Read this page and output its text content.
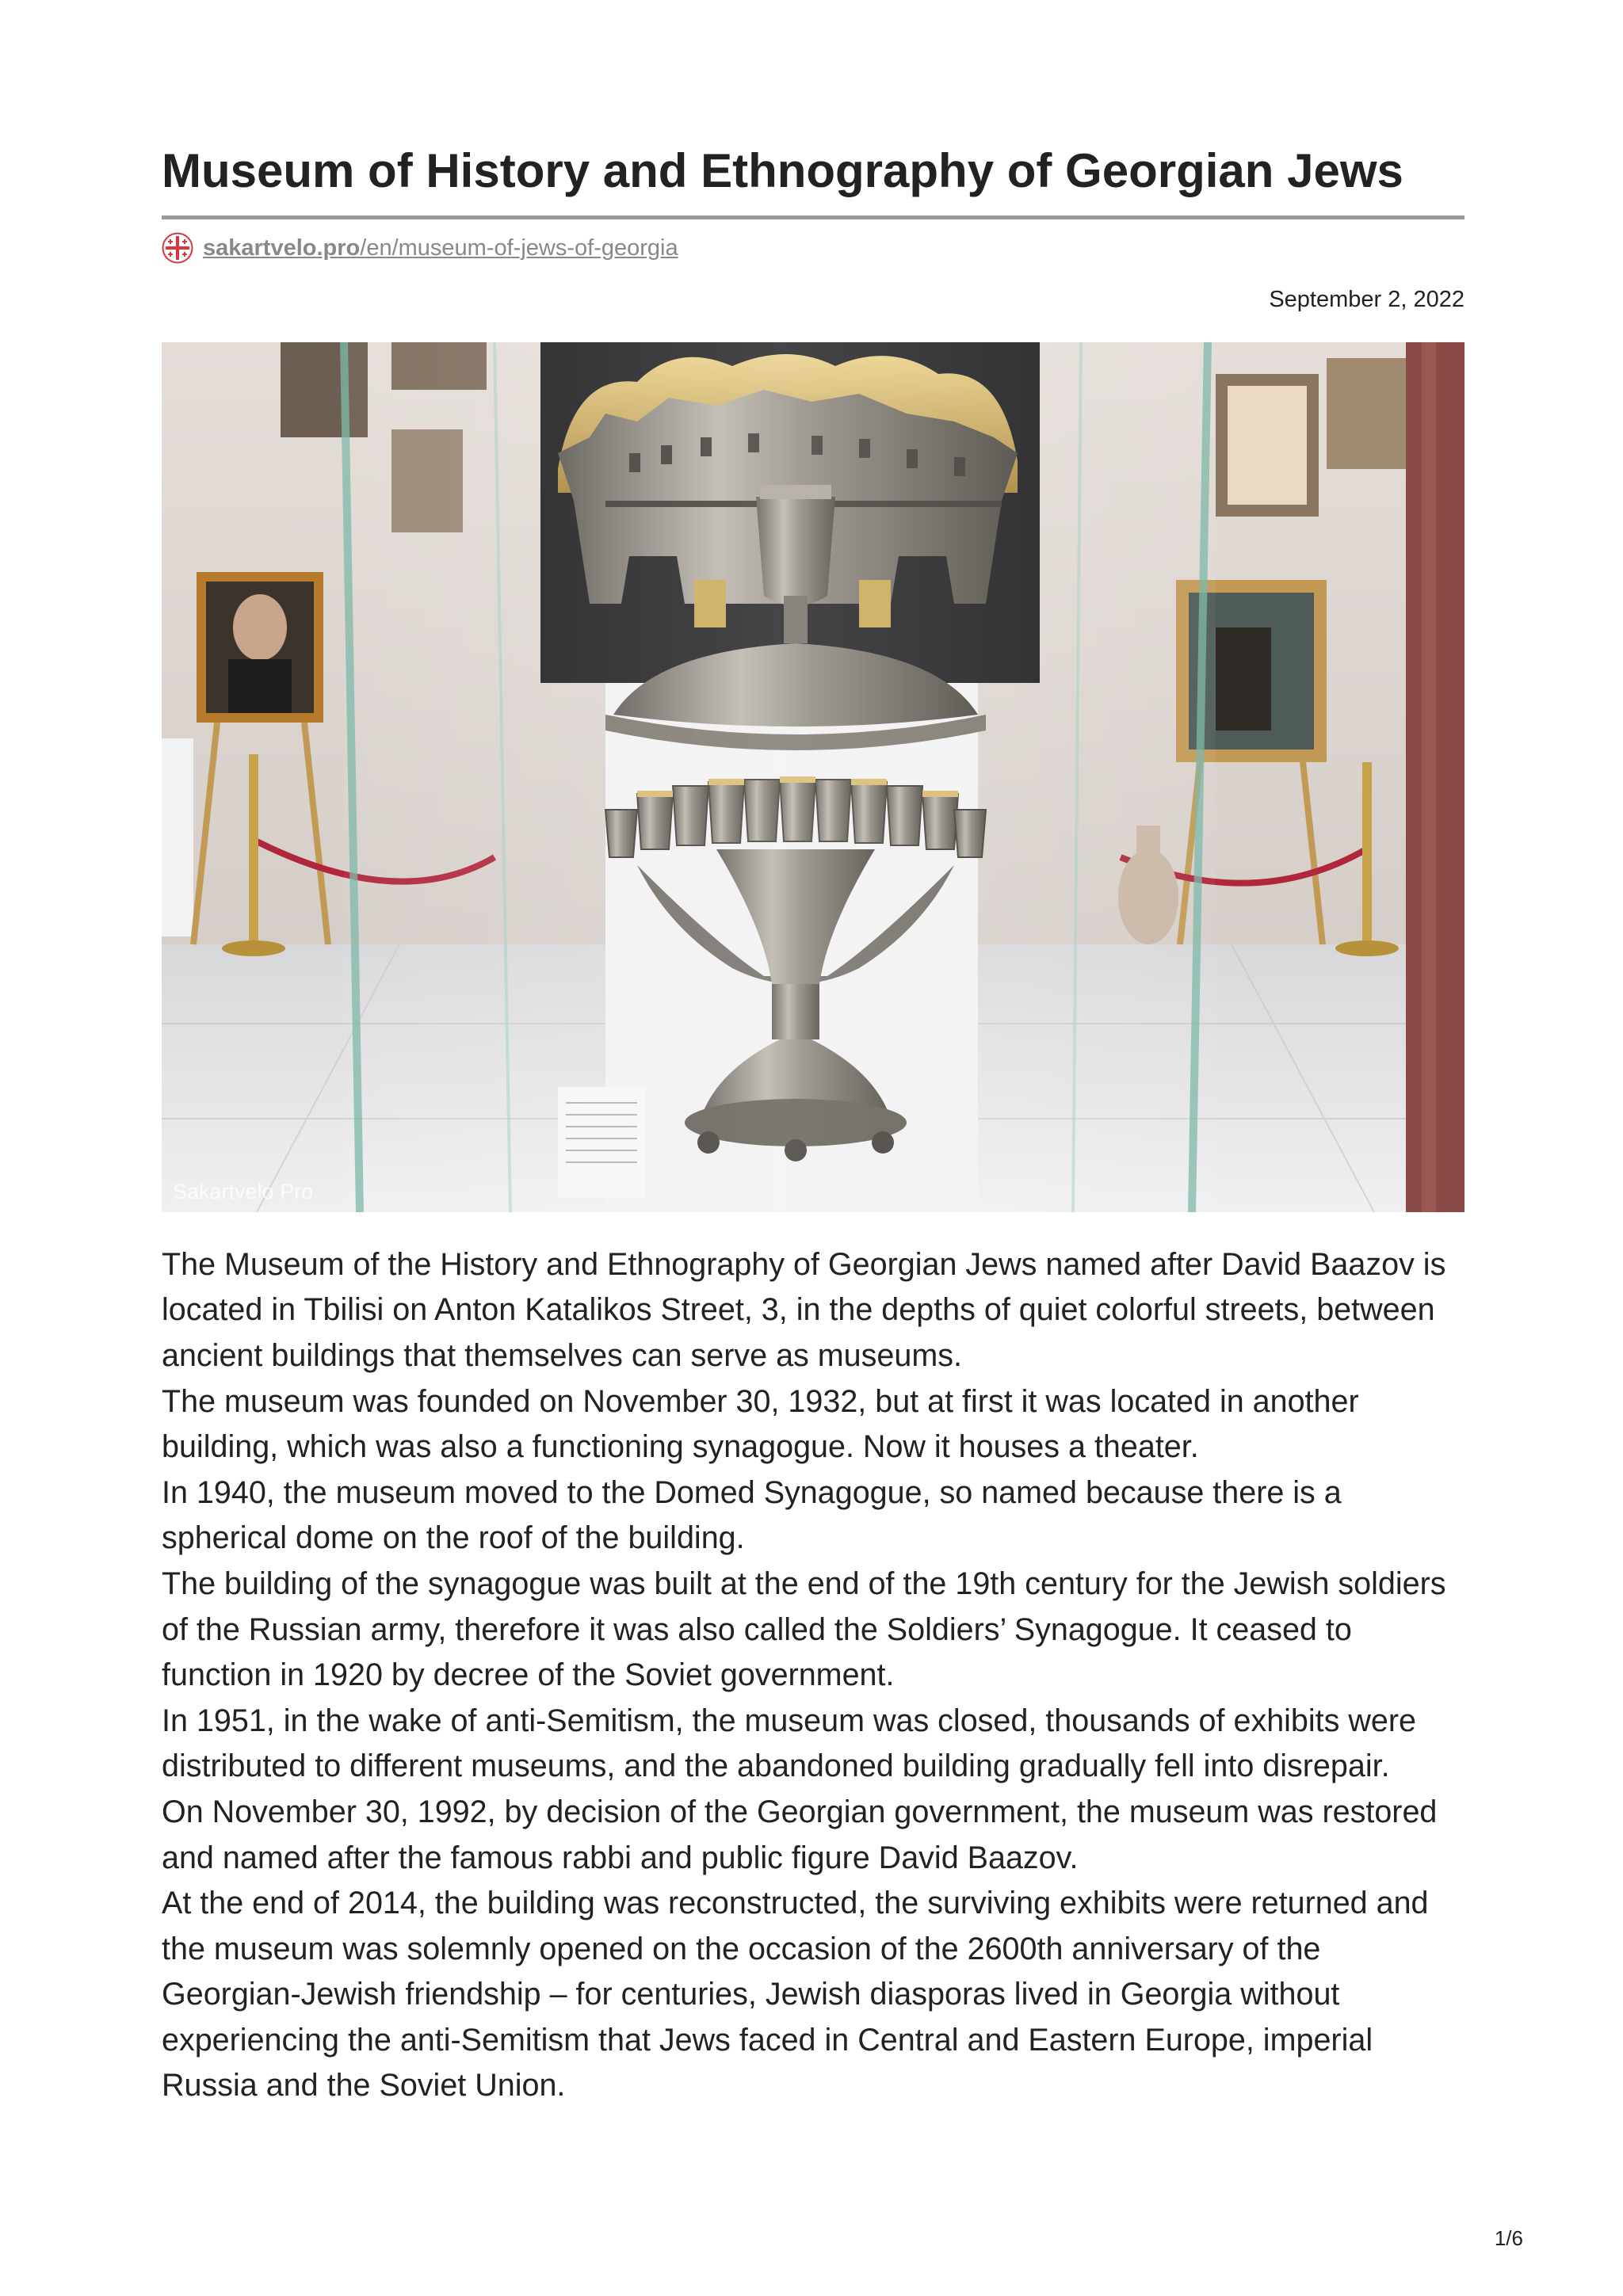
Museum of History and Ethnography of Georgian Jews
sakartvelo.pro/en/museum-of-jews-of-georgia
September 2, 2022
Sakartvelo Pro

The Museum of the History and Ethnography of Georgian Jews named after David Baazov is located in Tbilisi on Anton Katalikos Street, 3, in the depths of quiet colorful streets, between ancient buildings that themselves can serve as museums.

The museum was founded on November 30, 1932, but at first it was located in another building, which was also a functioning synagogue. Now it houses a theater.

In 1940, the museum moved to the Domed Synagogue, so named because there is a spherical dome on the roof of the building.

The building of the synagogue was built at the end of the 19th century for the Jewish soldiers of the Russian army, therefore it was also called the Soldiers’ Synagogue. It ceased to function in 1920 by decree of the Soviet government.

In 1951, in the wake of anti-Semitism, the museum was closed, thousands of exhibits were distributed to different museums, and the abandoned building gradually fell into disrepair.

On November 30, 1992, by decision of the Georgian government, the museum was restored and named after the famous rabbi and public figure David Baazov.

At the end of 2014, the building was reconstructed, the surviving exhibits were returned and the museum was solemnly opened on the occasion of the 2600th anniversary of the Georgian-Jewish friendship – for centuries, Jewish diasporas lived in Georgia without experiencing the anti-Semitism that Jews faced in Central and Eastern Europe, imperial Russia and the Soviet Union.

1/6
